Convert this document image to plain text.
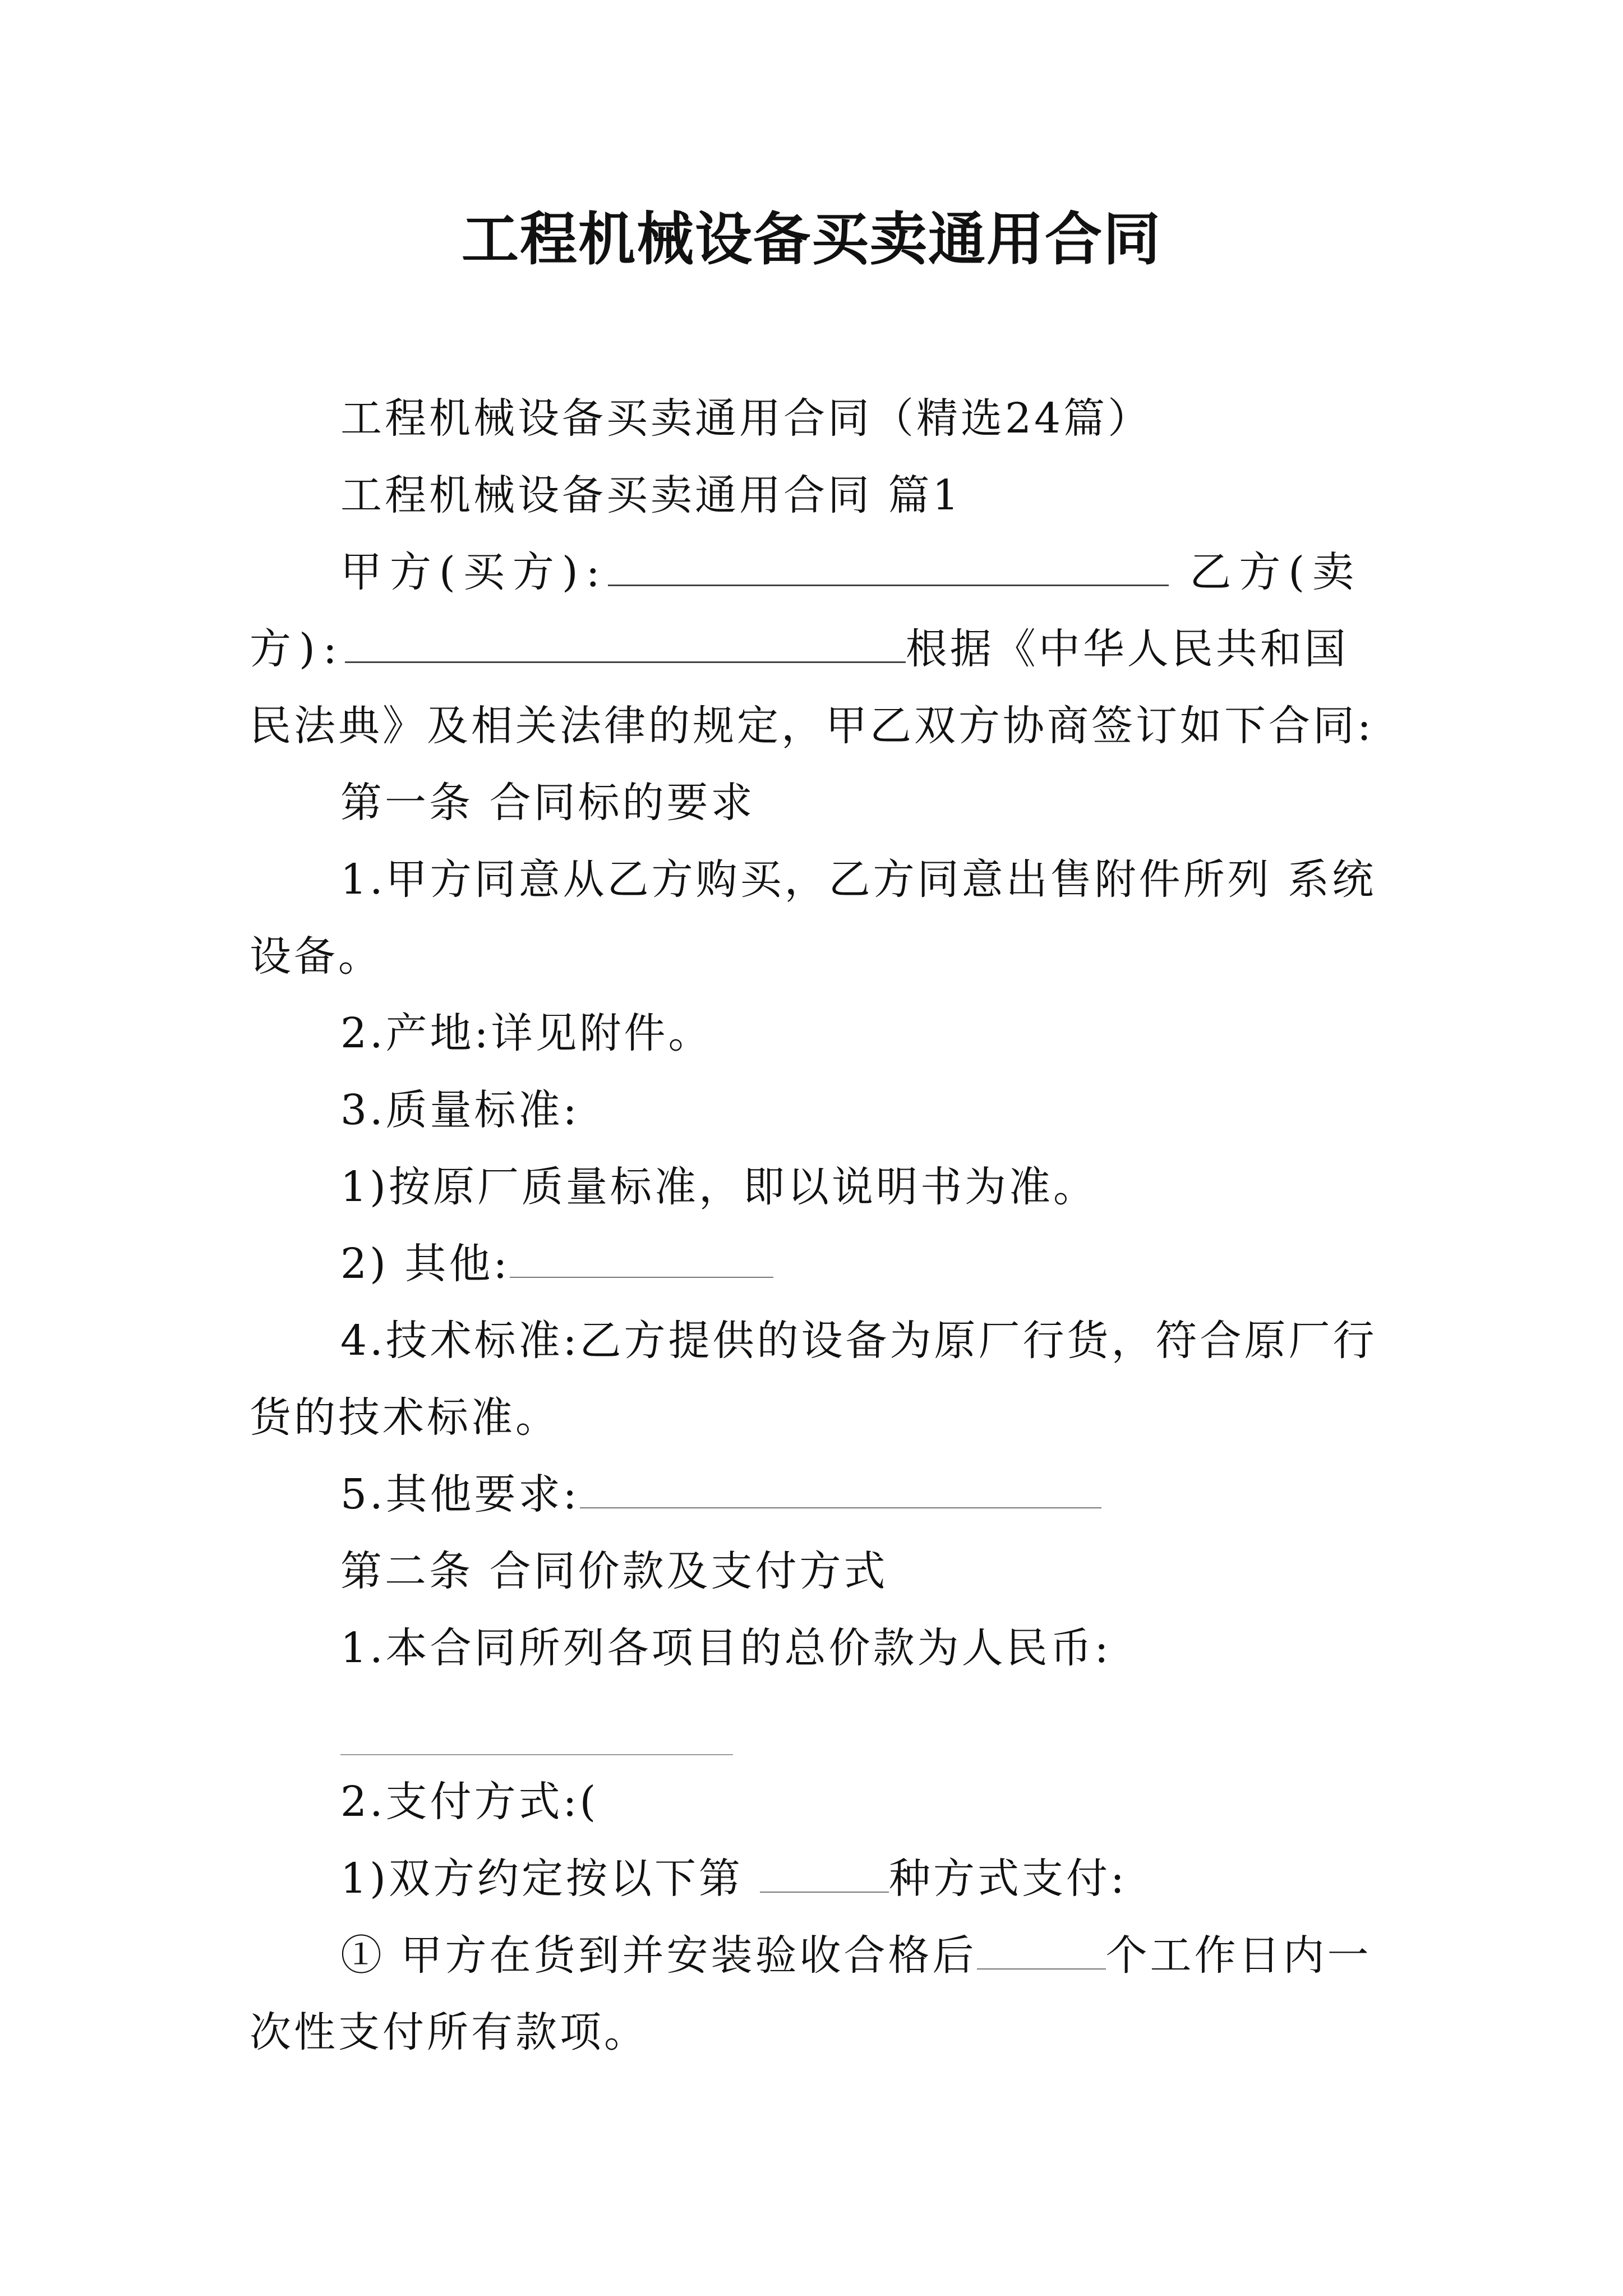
工程机械设备买卖通用合同

工程机械设备买卖通用合同（精选24篇）

工程机械设备买卖通用合同 篇1

甲方(买方):	乙方(卖方):	根据《中华人民共和国民法典》及相关法律的规定，甲乙双方协商签订如下合同:

第一条 合同标的要求

1.甲方同意从乙方购买，乙方同意出售附件所列 系统设备。

2.产地:详见附件。

3.质量标准:

1)按原厂质量标准，即以说明书为准。

2) 其他:

4.技术标准:乙方提供的设备为原厂行货，符合原厂行货的技术标准。

5.其他要求:

第二条 合同价款及支付方式

1.本合同所列各项目的总价款为人民币:

2.支付方式:(

1)双方约定按以下第	种方式支付:

① 甲方在货到并安装验收合格后	个工作日内一次性支付所有款项。
